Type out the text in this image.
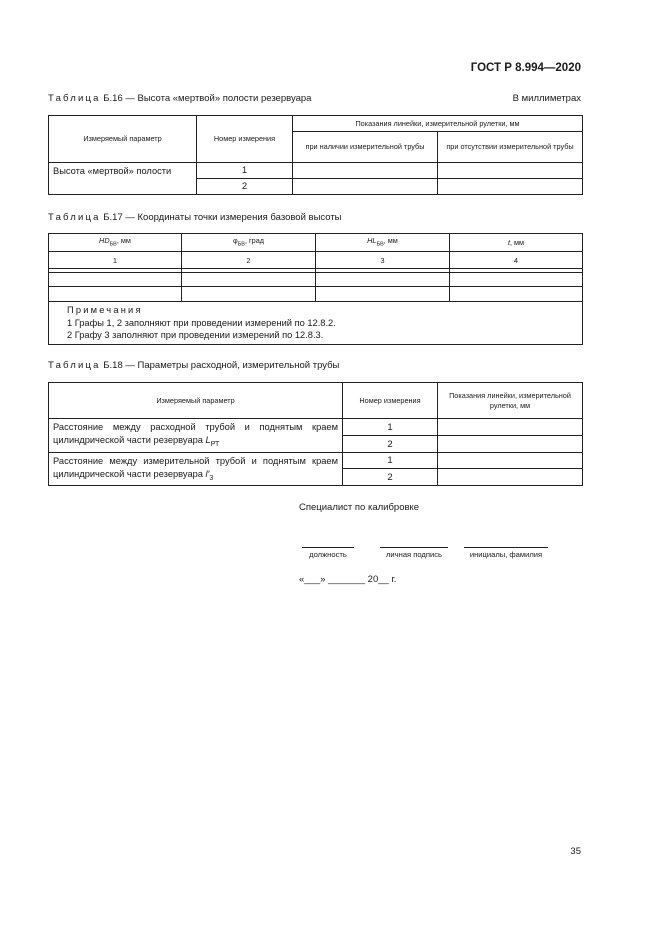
ГОСТ Р 8.994—2020
Таблица Б.16 — Высота «мертвой» полости резервуара	В миллиметрах
Измеряемый параметр	Номер измерения	Показания линейки, измерительной рулетки, мм	
		при наличии измерительной трубы	при отсутствии измерительной трубы
Высота «мертвой» полости	1		
	2		
Таблица Б.17 — Координаты точки измерения базовой высоты
$HD_{БВ}$, мм	$\varphi_{БВ}$, град	$HL_{БВ}$, мм	t, мм
1	2	3	4

Примечания
1 Графы 1, 2 заполняют при проведении измерений по 12.8.2.
2 Графу 3 заполняют при проведении измерений по 12.8.3.			
Таблица Б.18 — Параметры расходной, измерительной трубы
Измеряемый параметр	Номер измерения	Показания линейки, измерительной рулетки, мм
Расстояние между расходной трубой и поднятым краем цилиндрической части резервуара $L_{РТ}$	1	
	2	
Расстояние между измерительной трубой и поднятым краем цилиндрической части резервуара $l'_3$	1	
	2	
Специалист по калибровке
должность	личная подпись	инициалы, фамилия
«___» _______ 20__ г.
35
